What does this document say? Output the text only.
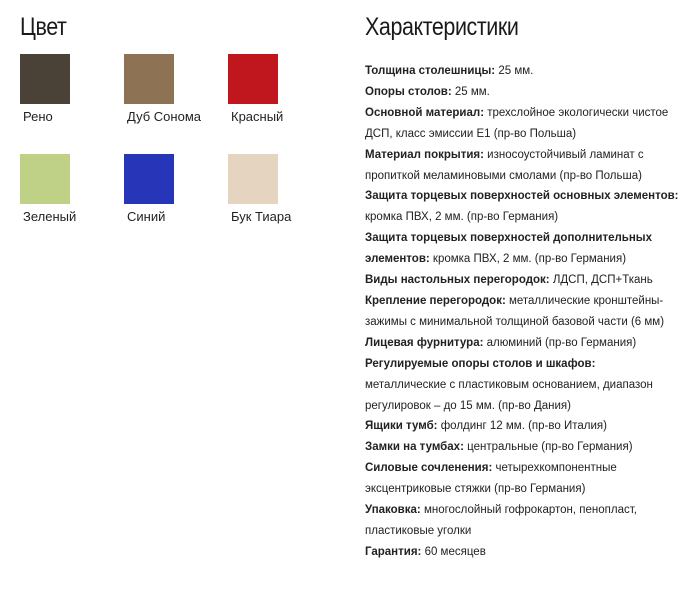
Цвет	Характеристики
Рено	Дуб Сонома Красный
Зеленый	Синий	Бук Тиара
Толщина столешницы: 25 мм.
Опоры столов: 25 мм.
Основной материал: трехслойное экологически чистое ДСП, класс эмиссии Е1 (пр-во Польша)
Материал покрытия: износоустойчивый ламинат с пропиткой меламиновыми смолами (пр-во Польша)
Защита торцевых поверхностей основных элементов: кромка ПВХ, 2 мм. (пр-во Германия)
Защита торцевых поверхностей дополнительных элементов: кромка ПВХ, 2 мм. (пр-во Германия)
Виды настольных перегородок: ЛДСП, ДСП+Ткань
Крепление перегородок: металлические кронштейны-зажимы с минимальной толщиной базовой части (6 мм)
Лицевая фурнитура: алюминий (пр-во Германия)
Регулируемые опоры столов и шкафов:
металлические с пластиковым основанием, диапазон регулировок – до 15 мм. (пр-во Дания)
Ящики тумб: фолдинг 12 мм. (пр-во Италия)
Замки на тумбах: центральные (пр-во Германия)
Силовые сочленения: четырехкомпонентные эксцентриковые стяжки (пр-во Германия)
Упаковка: многослойный гофрокартон, пенопласт, пластиковые уголки
Гарантия: 60 месяцев
